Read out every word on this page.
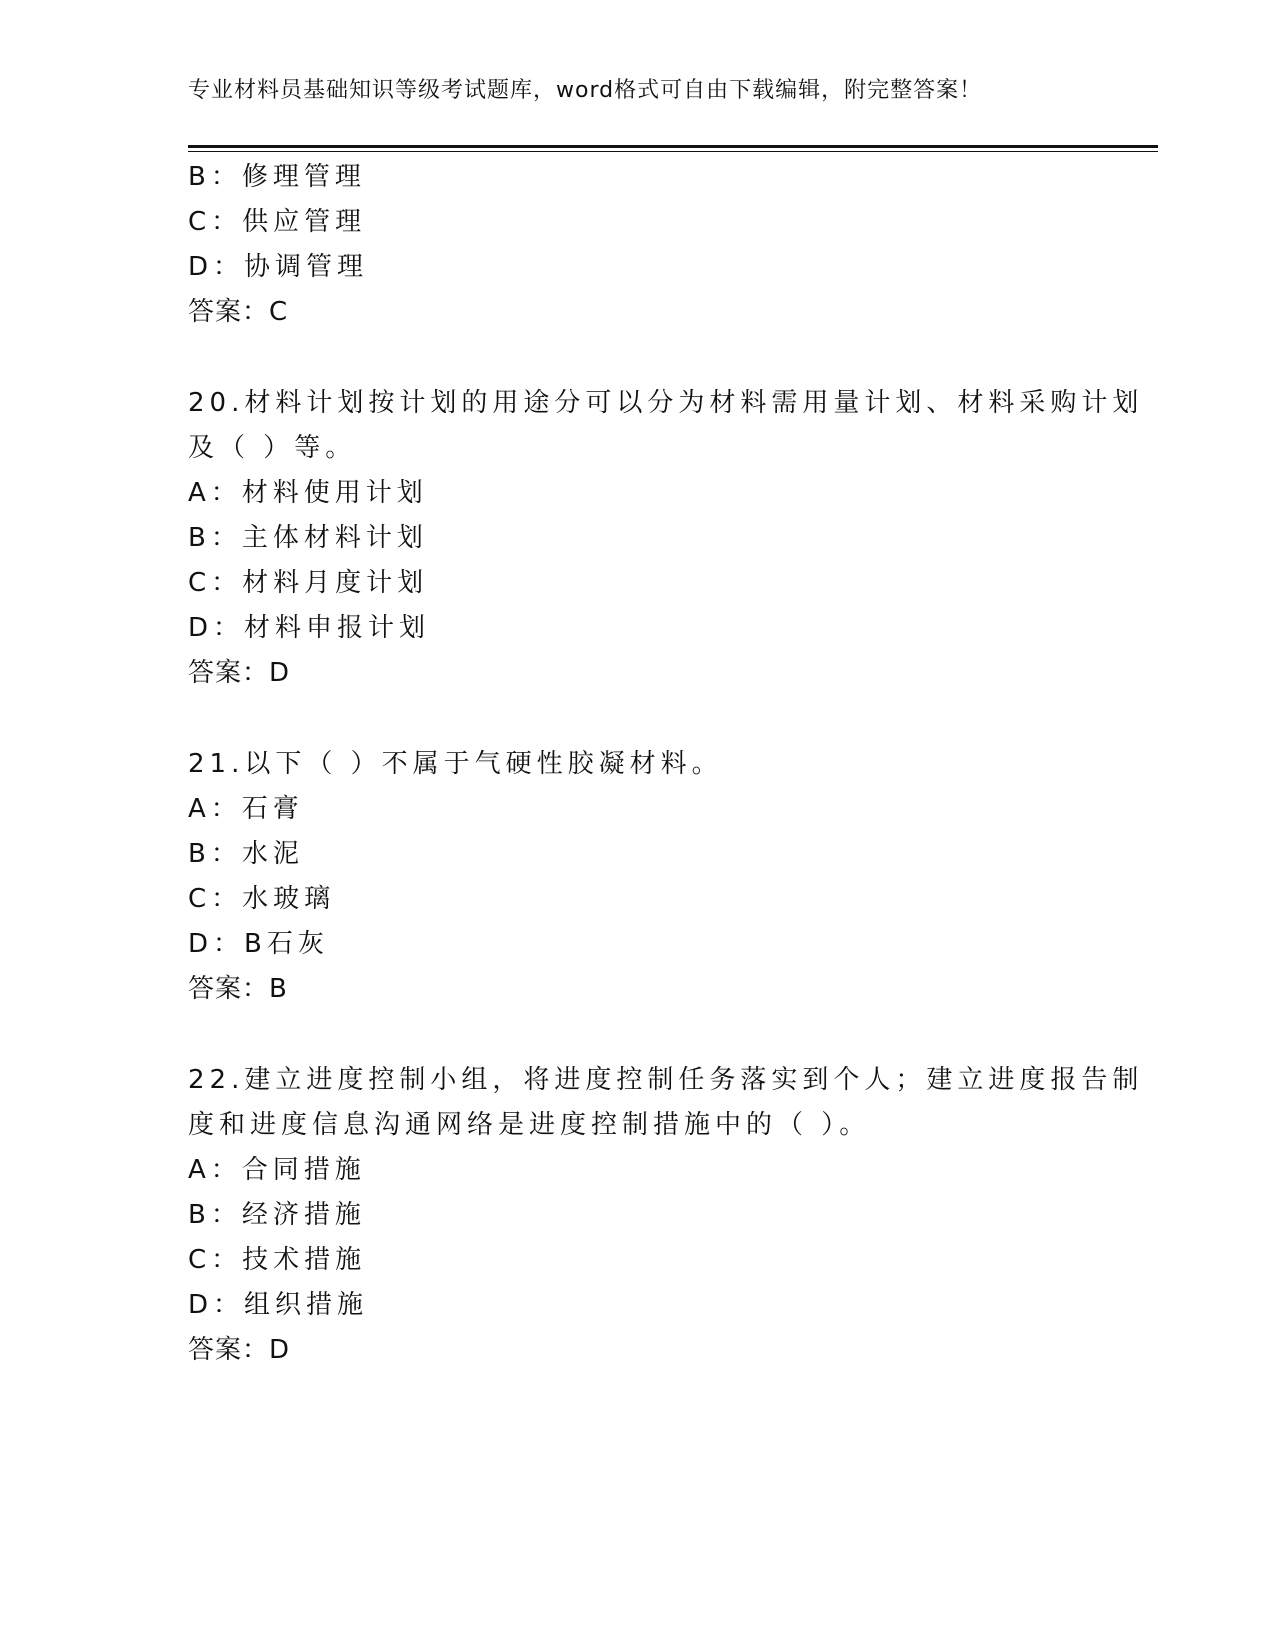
专业材料员基础知识等级考试题库，word格式可自由下载编辑，附完整答案！
B：修理管理
C：供应管理
D：协调管理
答案：C
20.材料计划按计划的用途分可以分为材料需用量计划、材料采购计划
及（ ）等。
A：材料使用计划
B：主体材料计划
C：材料月度计划
D：材料申报计划
答案：D
21.以下（ ）不属于气硬性胶凝材料。
A：石膏
B：水泥
C：水玻璃
D：B石灰
答案：B
22.建立进度控制小组，将进度控制任务落实到个人；建立进度报告制
度和进度信息沟通网络是进度控制措施中的（ ）。
A：合同措施
B：经济措施
C：技术措施
D：组织措施
答案：D
